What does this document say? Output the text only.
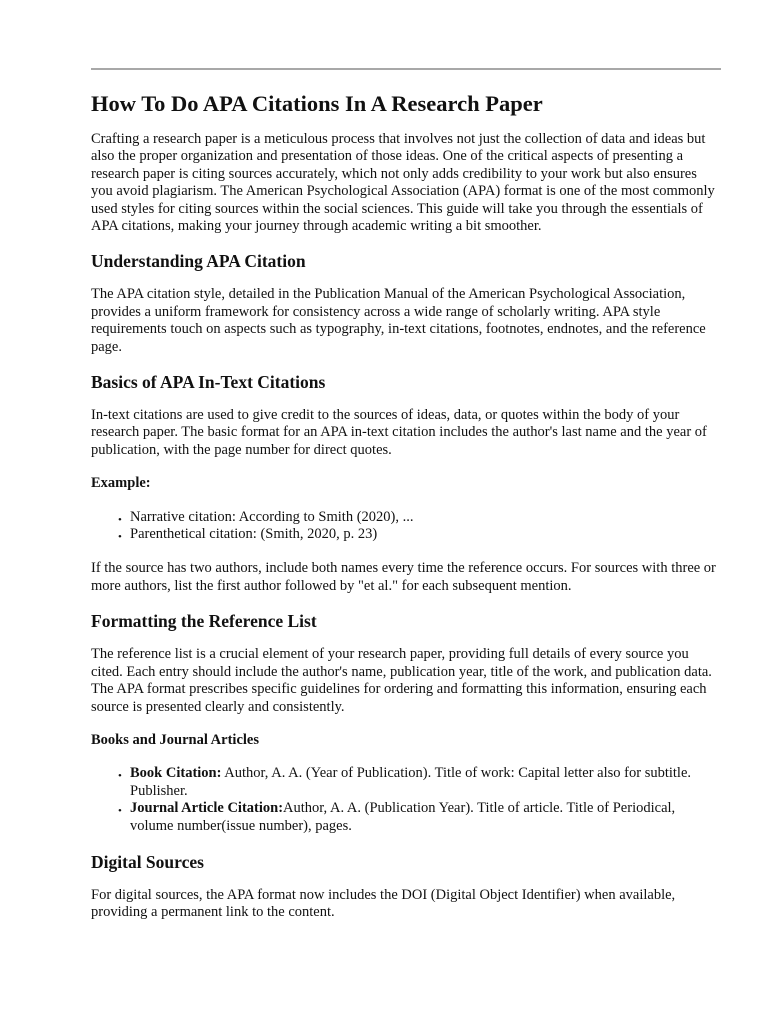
How To Do APA Citations In A Research Paper

Crafting a research paper is a meticulous process that involves not just the collection of data and ideas but also the proper organization and presentation of those ideas. One of the critical aspects of presenting a research paper is citing sources accurately, which not only adds credibility to your work but also ensures you avoid plagiarism. The American Psychological Association (APA) format is one of the most commonly used styles for citing sources within the social sciences. This guide will take you through the essentials of APA citations, making your journey through academic writing a bit smoother.

Understanding APA Citation

The APA citation style, detailed in the Publication Manual of the American Psychological Association, provides a uniform framework for consistency across a wide range of scholarly writing. APA style requirements touch on aspects such as typography, in-text citations, footnotes, endnotes, and the reference page.

Basics of APA In-Text Citations

In-text citations are used to give credit to the sources of ideas, data, or quotes within the body of your research paper. The basic format for an APA in-text citation includes the author's last name and the year of publication, with the page number for direct quotes.

Example:
• Narrative citation: According to Smith (2020), ...
• Parenthetical citation: (Smith, 2020, p. 23)

If the source has two authors, include both names every time the reference occurs. For sources with three or more authors, list the first author followed by "et al." for each subsequent mention.

Formatting the Reference List

The reference list is a crucial element of your research paper, providing full details of every source you cited. Each entry should include the author's name, publication year, title of the work, and publication data. The APA format prescribes specific guidelines for ordering and formatting this information, ensuring each source is presented clearly and consistently.

Books and Journal Articles
• Book Citation: Author, A. A. (Year of Publication). Title of work: Capital letter also for subtitle. Publisher.
• Journal Article Citation:Author, A. A. (Publication Year). Title of article. Title of Periodical, volume number(issue number), pages.
Digital Sources

For digital sources, the APA format now includes the DOI (Digital Object Identifier) when available, providing a permanent link to the content.
